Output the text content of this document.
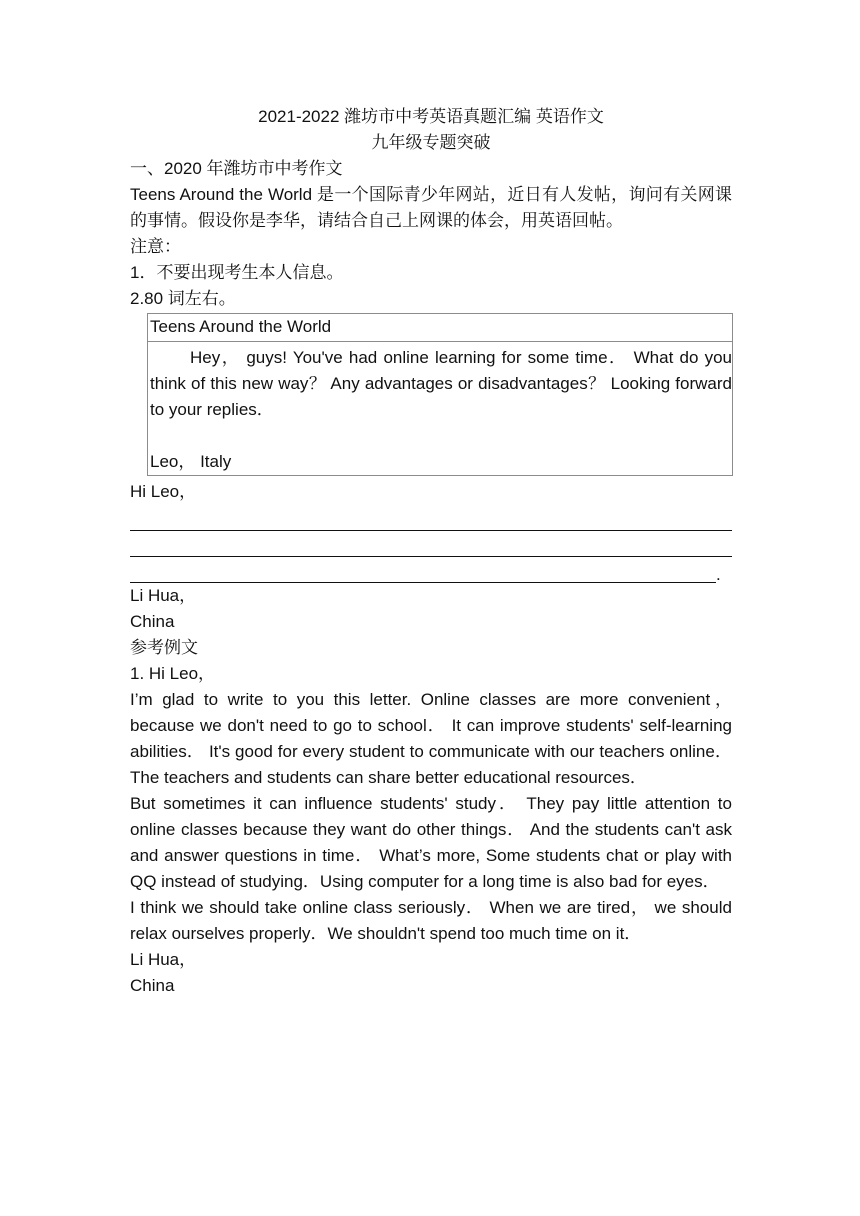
2021-2022 潍坊市中考英语真题汇编 英语作文

九年级专题突破

一、2020 年潍坊市中考作文

Teens Around the World 是一个国际青少年网站，近日有人发帖，询问有关网课的事情。假设你是李华，请结合自己上网课的体会，用英语回帖。

注意：

1．不要出现考生本人信息。

2.80 词左右。

Teens Around the World

Hey， guys! You've had online learning for some time． What do you think of this new way？ Any advantages or disadvantages？ Looking forward to your replies．

Leo， Italy

Hi Leo，

.

Li Hua，

China

参考例文

1. Hi Leo，

I’m glad to write to you this letter. Online classes are more convenient，because we don't need to go to school． It can improve students' self-learning abilities． It's good for every student to communicate with our teachers online． The teachers and students can share better educational resources．

But sometimes it can influence students' study． They pay little attention to online classes because they want do other things． And the students can't ask and answer questions in time． What’s more, Some students chat or play with QQ instead of studying．Using computer for a long time is also bad for eyes．

I think we should take online class seriously． When we are tired， we should relax ourselves properly．We shouldn't spend too much time on it．

Li Hua，

China
